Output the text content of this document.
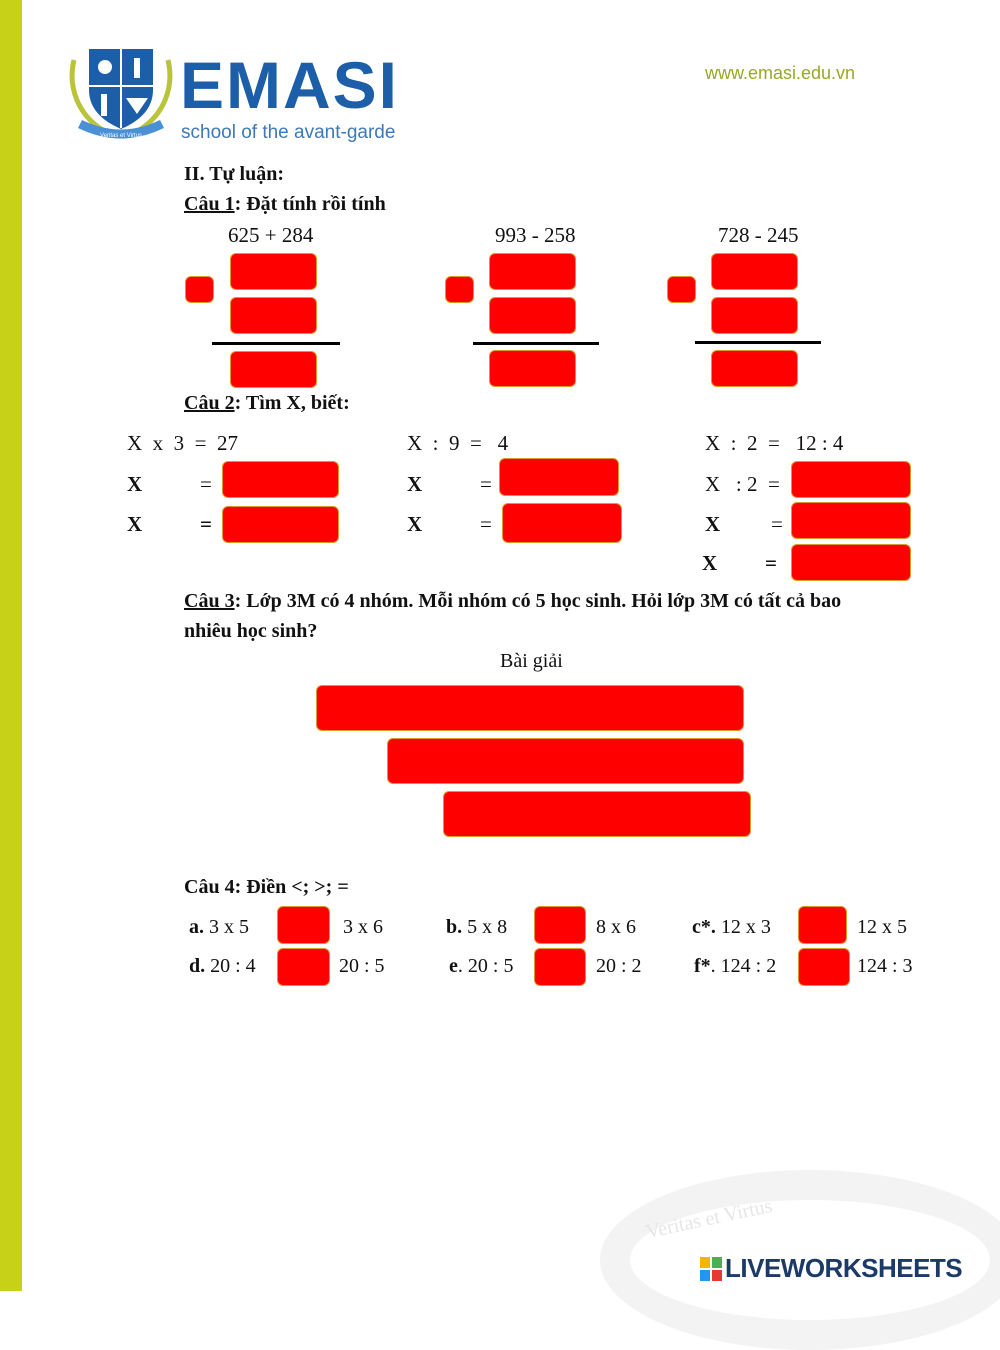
Veritas et Virtus
EMASI
school of the avant-garde
www.emasi.edu.vn
II. Tự luận:
Câu 1: Đặt tính rồi tính
625 + 284	993 - 258	728 - 245
Câu 2: Tìm X, biết:
X  x  3  =  27
X	=
X	=
X  :  9  =   4
X	=
X	=
X  :  2  =   12 : 4
X   : 2  =
X =
X =
Câu 3: Lớp 3M có 4 nhóm. Mỗi nhóm có 5 học sinh. Hỏi lớp 3M có tất cả bao
nhiêu học sinh?
Bài giải
Câu 4: Điền <; >; =
a. 3 x 5	3 x 6	b. 5 x 8	8 x 6	c*. 12 x 3	12 x 5
d. 20 : 4	20 : 5	e. 20 : 5	20 : 2	f*. 124 : 2	124 : 3
Veritas et Virtus
LIVEWORKSHEETS
